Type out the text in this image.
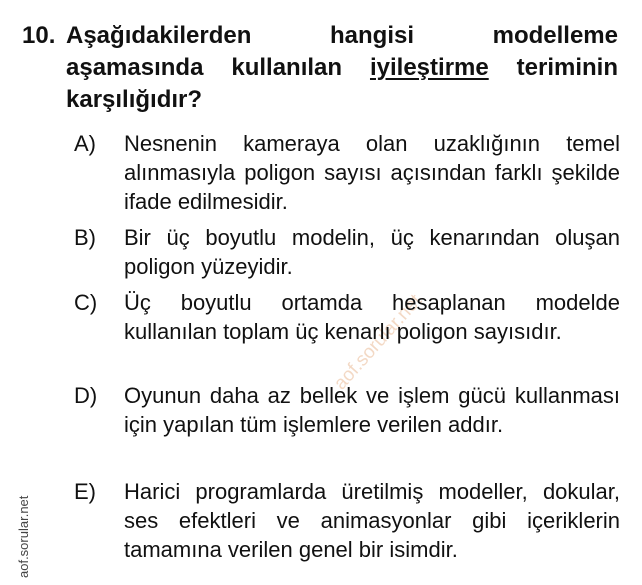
aof.sorular.net
10. Aşağıdakilerden hangisi modelleme aşamasında kullanılan iyileştirme teriminin karşılığıdır?
A) Nesnenin kameraya olan uzaklığının temel alınmasıyla poligon sayısı açısından farklı şekilde ifade edilmesidir.
B) Bir üç boyutlu modelin, üç kenarından oluşan poligon yüzeyidir.
C) Üç boyutlu ortamda hesaplanan modelde kullanılan toplam üç kenarlı poligon sayısıdır.
D) Oyunun daha az bellek ve işlem gücü kullanması için yapılan tüm işlemlere verilen addır.
E) Harici programlarda üretilmiş modeller, dokular, ses efektleri ve animasyonlar gibi içeriklerin tamamına verilen genel bir isimdir.
aof.sorular.net
